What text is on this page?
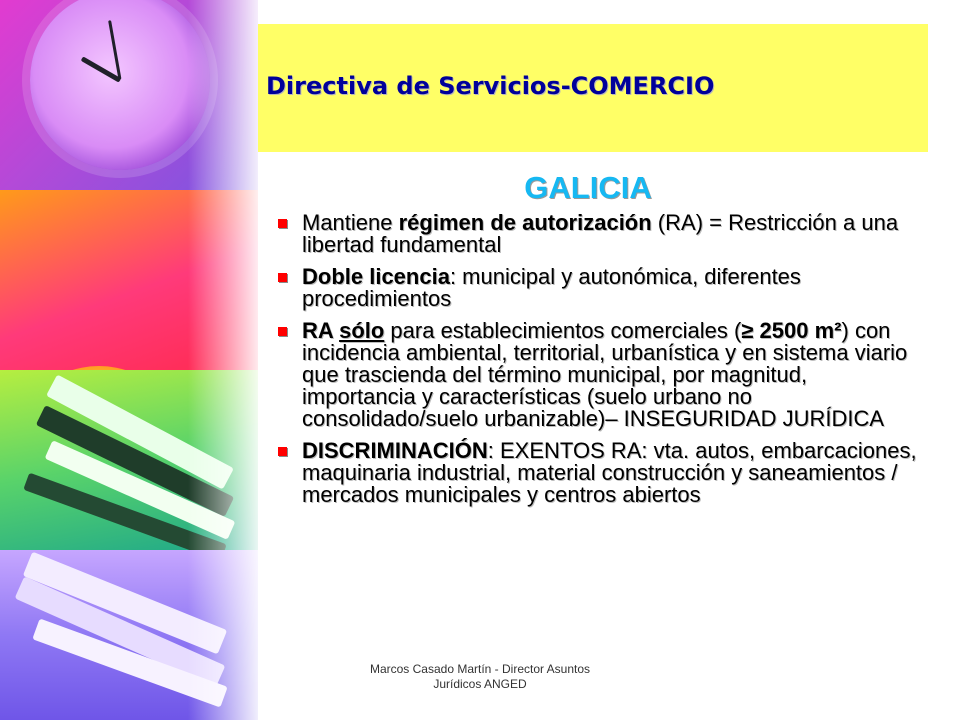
Directiva de Servicios-COMERCIO
GALICIA
Mantiene régimen de autorización (RA) = Restricción a una libertad fundamental
Doble licencia: municipal y autonómica, diferentes procedimientos
RA sólo para establecimientos comerciales (≥ 2500 m²) con incidencia ambiental, territorial, urbanística y en sistema viario que trascienda del término municipal, por magnitud, importancia y características (suelo urbano no consolidado/suelo urbanizable)– INSEGURIDAD JURÍDICA
DISCRIMINACIÓN: EXENTOS RA: vta. autos, embarcaciones, maquinaria industrial, material construcción y saneamientos / mercados municipales y centros abiertos
Marcos Casado Martín - Director Asuntos
Jurídicos ANGED
